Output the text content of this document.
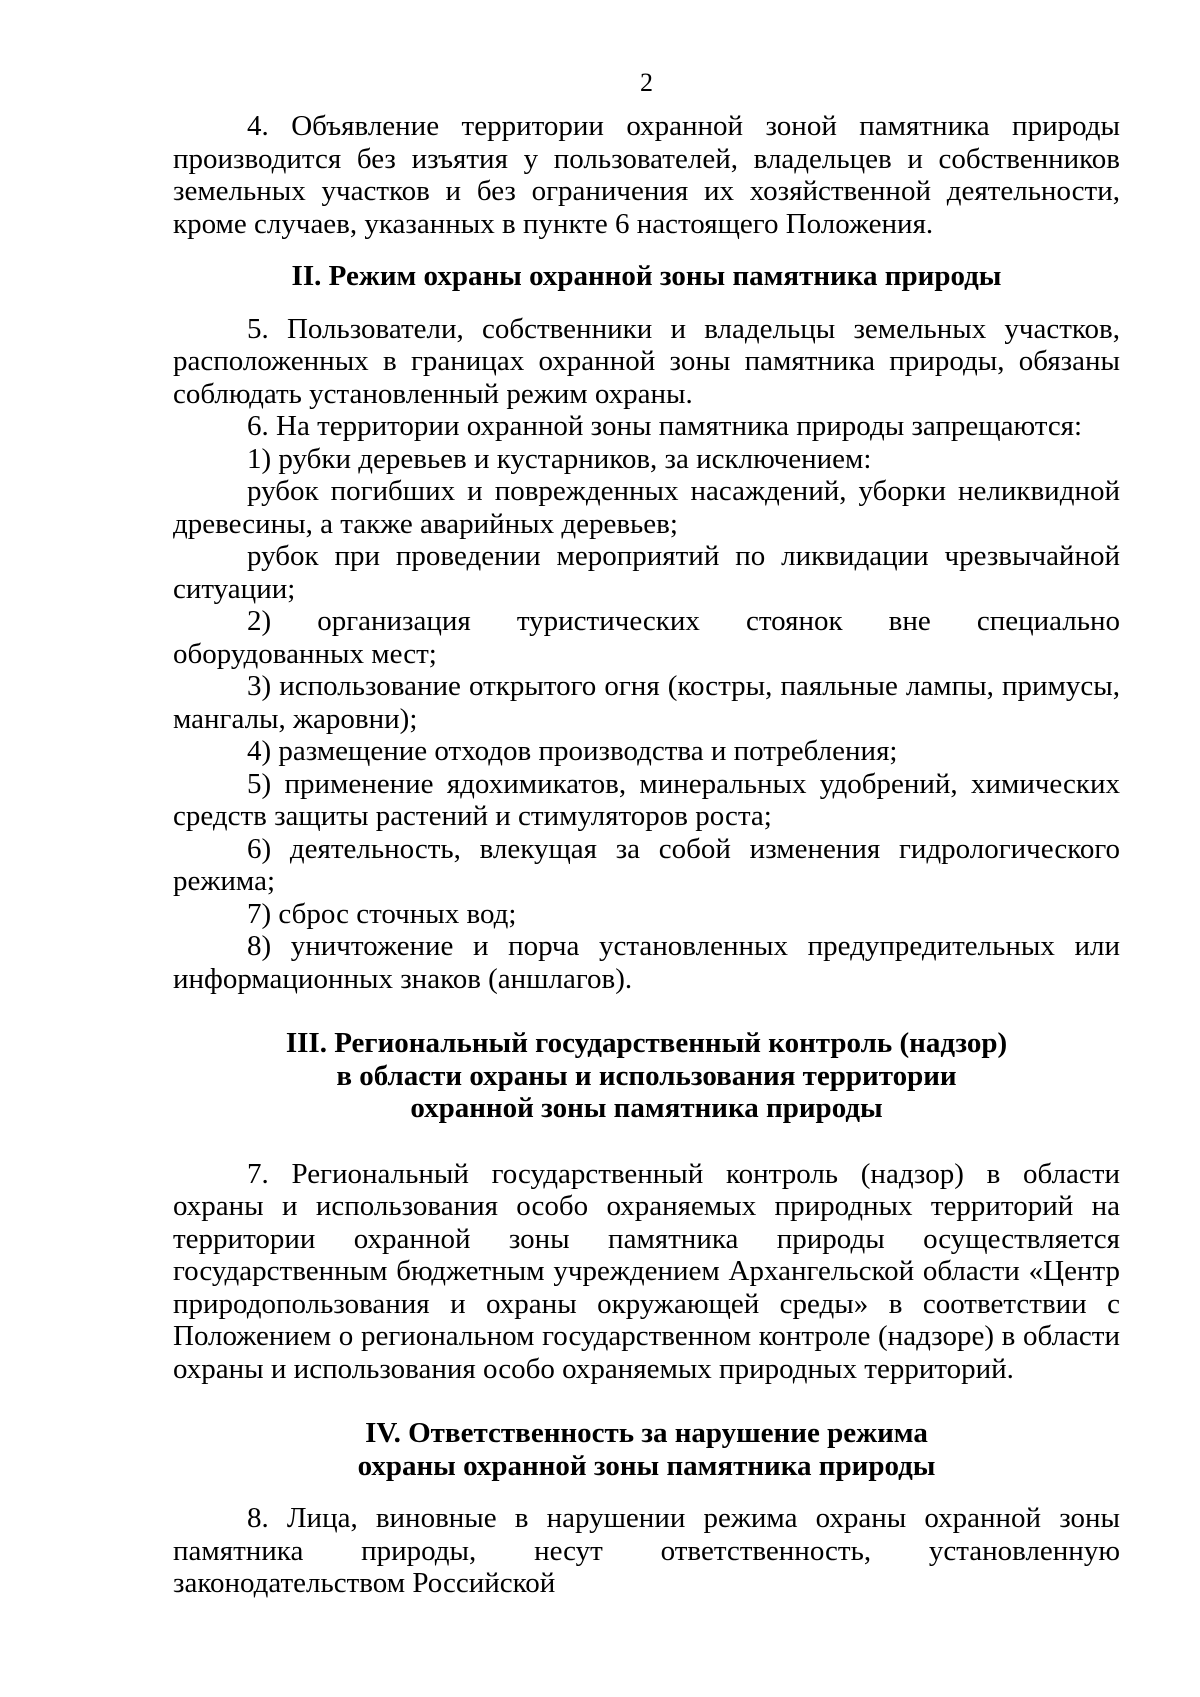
2

4. Объявление территории охранной зоной памятника природы производится без изъятия у пользователей, владельцев и собственников земельных участков и без ограничения их хозяйственной деятельности, кроме случаев, указанных в пункте 6 настоящего Положения.

II. Режим охраны охранной зоны памятника природы

5. Пользователи, собственники и владельцы земельных участков, расположенных в границах охранной зоны памятника природы, обязаны соблюдать установленный режим охраны.

6. На территории охранной зоны памятника природы запрещаются:

1) рубки деревьев и кустарников, за исключением:

рубок погибших и поврежденных насаждений, уборки неликвидной древесины, а также аварийных деревьев;

рубок при проведении мероприятий по ликвидации чрезвычайной ситуации;

2) организация туристических стоянок вне специально оборудованных мест;

3) использование открытого огня (костры, паяльные лампы, примусы, мангалы, жаровни);

4) размещение отходов производства и потребления;

5) применение ядохимикатов, минеральных удобрений, химических средств защиты растений и стимуляторов роста;

6) деятельность, влекущая за собой изменения гидрологического режима;

7) сброс сточных вод;

8) уничтожение и порча установленных предупредительных или информационных знаков (аншлагов).

III. Региональный государственный контроль (надзор)
в области охраны и использования территории
охранной зоны памятника природы

7. Региональный государственный контроль (надзор) в области охраны и использования особо охраняемых природных территорий на территории охранной зоны памятника природы осуществляется государственным бюджетным учреждением Архангельской области «Центр природопользования и охраны окружающей среды» в соответствии с Положением о региональном государственном контроле (надзоре) в области охраны и использования особо охраняемых природных территорий.

IV. Ответственность за нарушение режима
охраны охранной зоны памятника природы

8. Лица, виновные в нарушении режима охраны охранной зоны памятника природы, несут ответственность, установленную законодательством Российской
